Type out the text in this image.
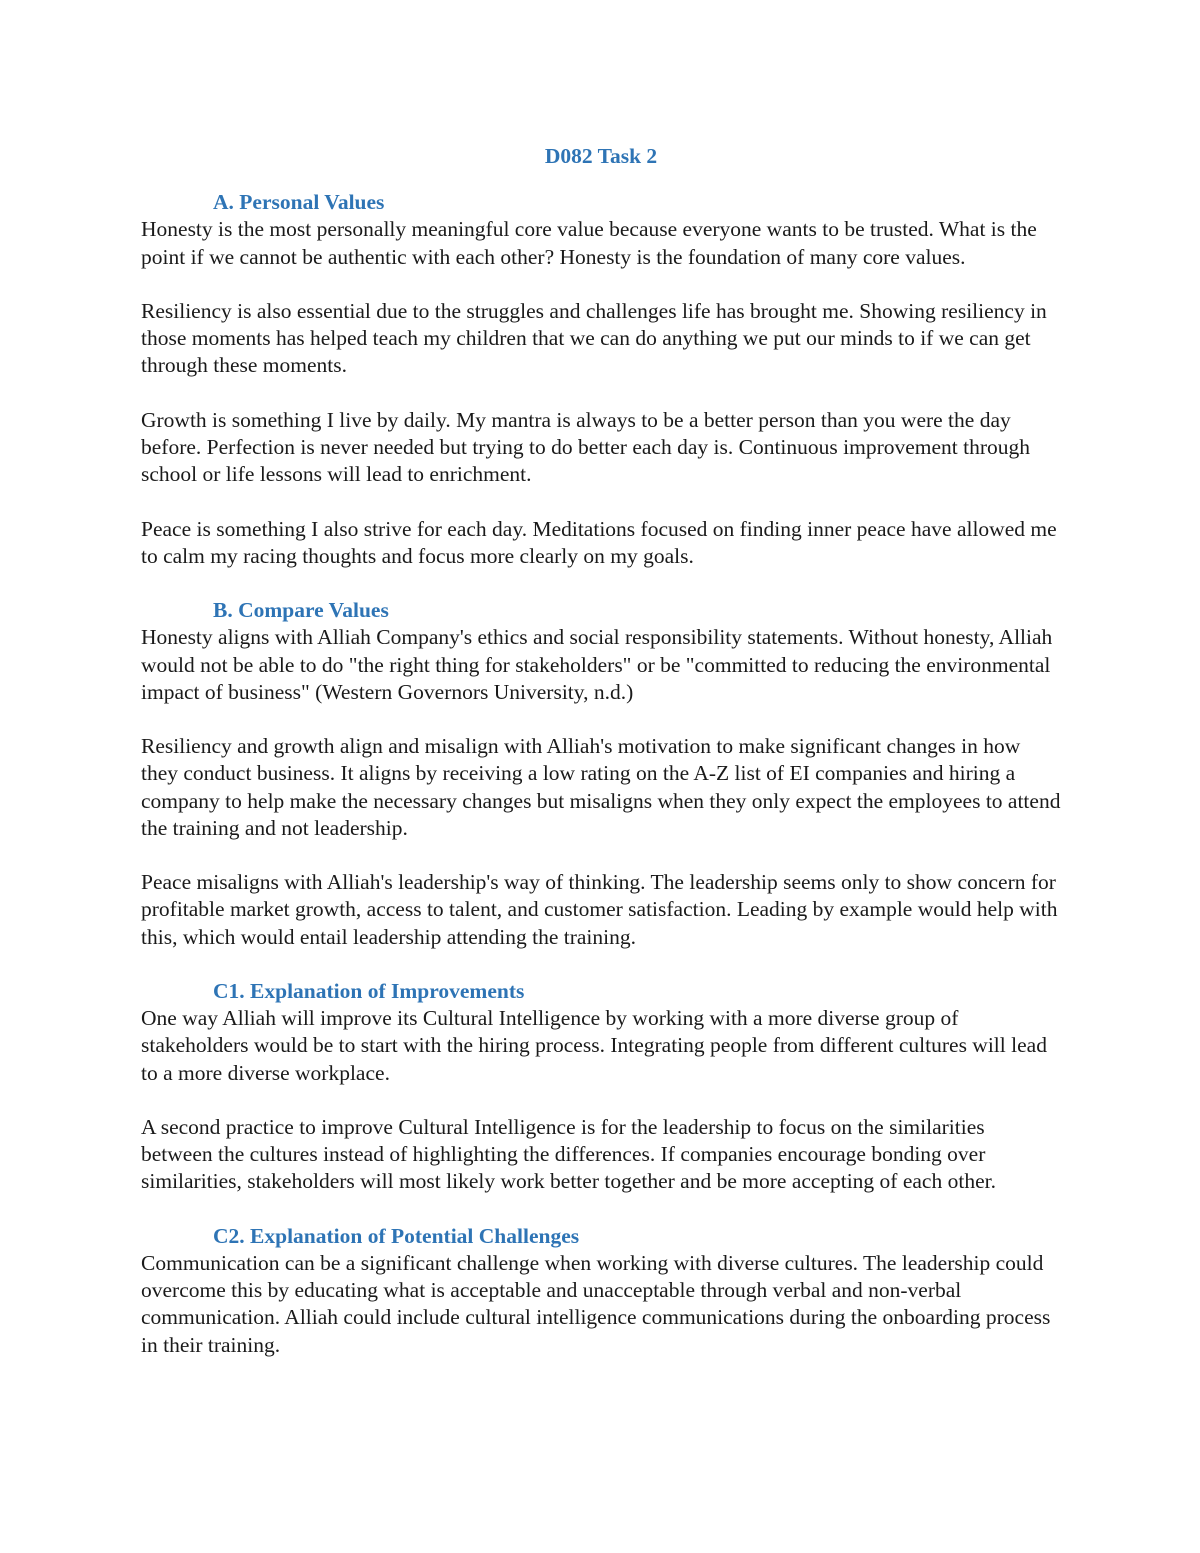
D082 Task 2
A. Personal Values

Honesty is the most personally meaningful core value because everyone wants to be trusted. What is the point if we cannot be authentic with each other? Honesty is the foundation of many core values.

Resiliency is also essential due to the struggles and challenges life has brought me. Showing resiliency in those moments has helped teach my children that we can do anything we put our minds to if we can get through these moments.

Growth is something I live by daily. My mantra is always to be a better person than you were the day before. Perfection is never needed but trying to do better each day is. Continuous improvement through school or life lessons will lead to enrichment.

Peace is something I also strive for each day. Meditations focused on finding inner peace have allowed me to calm my racing thoughts and focus more clearly on my goals.

B. Compare Values

Honesty aligns with Alliah Company's ethics and social responsibility statements. Without honesty, Alliah would not be able to do "the right thing for stakeholders" or be "committed to reducing the environmental impact of business" (Western Governors University, n.d.)

Resiliency and growth align and misalign with Alliah's motivation to make significant changes in how they conduct business. It aligns by receiving a low rating on the A-Z list of EI companies and hiring a company to help make the necessary changes but misaligns when they only expect the employees to attend the training and not leadership.

Peace misaligns with Alliah's leadership's way of thinking. The leadership seems only to show concern for profitable market growth, access to talent, and customer satisfaction. Leading by example would help with this, which would entail leadership attending the training.

C1. Explanation of Improvements

One way Alliah will improve its Cultural Intelligence by working with a more diverse group of stakeholders would be to start with the hiring process. Integrating people from different cultures will lead to a more diverse workplace.

A second practice to improve Cultural Intelligence is for the leadership to focus on the similarities between the cultures instead of highlighting the differences. If companies encourage bonding over similarities, stakeholders will most likely work better together and be more accepting of each other.

C2. Explanation of Potential Challenges

Communication can be a significant challenge when working with diverse cultures. The leadership could overcome this by educating what is acceptable and unacceptable through verbal and non-verbal communication. Alliah could include cultural intelligence communications during the onboarding process in their training.
